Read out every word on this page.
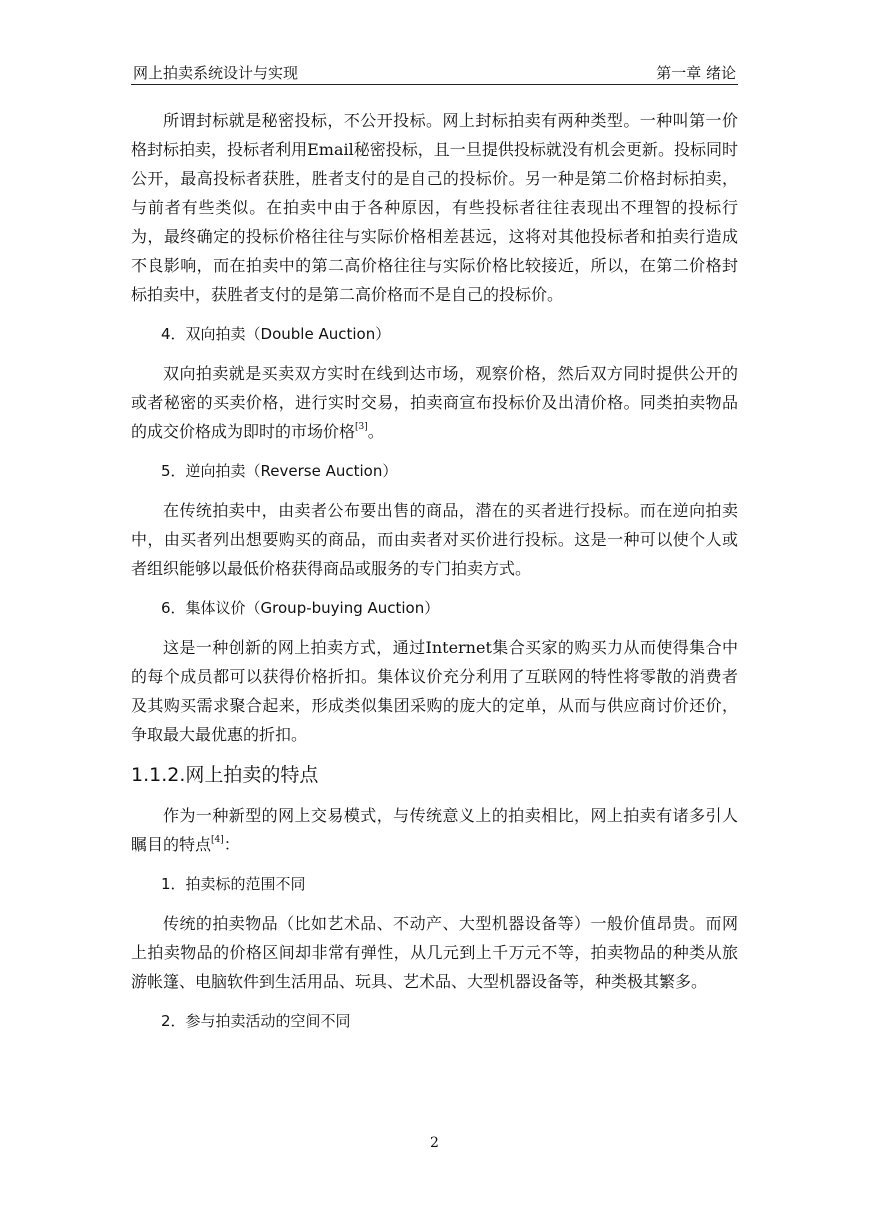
网上拍卖系统设计与实现	第一章 绪论

所谓封标就是秘密投标，不公开投标。网上封标拍卖有两种类型。一种叫第一价格封标拍卖，投标者利用Email秘密投标，且一旦提供投标就没有机会更新。投标同时公开，最高投标者获胜，胜者支付的是自己的投标价。另一种是第二价格封标拍卖，与前者有些类似。在拍卖中由于各种原因，有些投标者往往表现出不理智的投标行为，最终确定的投标价格往往与实际价格相差甚远，这将对其他投标者和拍卖行造成不良影响，而在拍卖中的第二高价格往往与实际价格比较接近，所以，在第二价格封标拍卖中，获胜者支付的是第二高价格而不是自己的投标价。

4．双向拍卖（Double Auction）

双向拍卖就是买卖双方实时在线到达市场，观察价格，然后双方同时提供公开的或者秘密的买卖价格，进行实时交易，拍卖商宣布投标价及出清价格。同类拍卖物品的成交价格成为即时的市场价格[3]。

5．逆向拍卖（Reverse Auction）

在传统拍卖中，由卖者公布要出售的商品，潜在的买者进行投标。而在逆向拍卖中，由买者列出想要购买的商品，而由卖者对买价进行投标。这是一种可以使个人或者组织能够以最低价格获得商品或服务的专门拍卖方式。

6．集体议价（Group-buying Auction）

这是一种创新的网上拍卖方式，通过Internet集合买家的购买力从而使得集合中的每个成员都可以获得价格折扣。集体议价充分利用了互联网的特性将零散的消费者及其购买需求聚合起来，形成类似集团采购的庞大的定单，从而与供应商讨价还价，争取最大最优惠的折扣。

1.1.2.网上拍卖的特点

作为一种新型的网上交易模式，与传统意义上的拍卖相比，网上拍卖有诸多引人瞩目的特点[4]：

1．拍卖标的范围不同

传统的拍卖物品（比如艺术品、不动产、大型机器设备等）一般价值昂贵。而网上拍卖物品的价格区间却非常有弹性，从几元到上千万元不等，拍卖物品的种类从旅游帐篷、电脑软件到生活用品、玩具、艺术品、大型机器设备等，种类极其繁多。

2．参与拍卖活动的空间不同
2
